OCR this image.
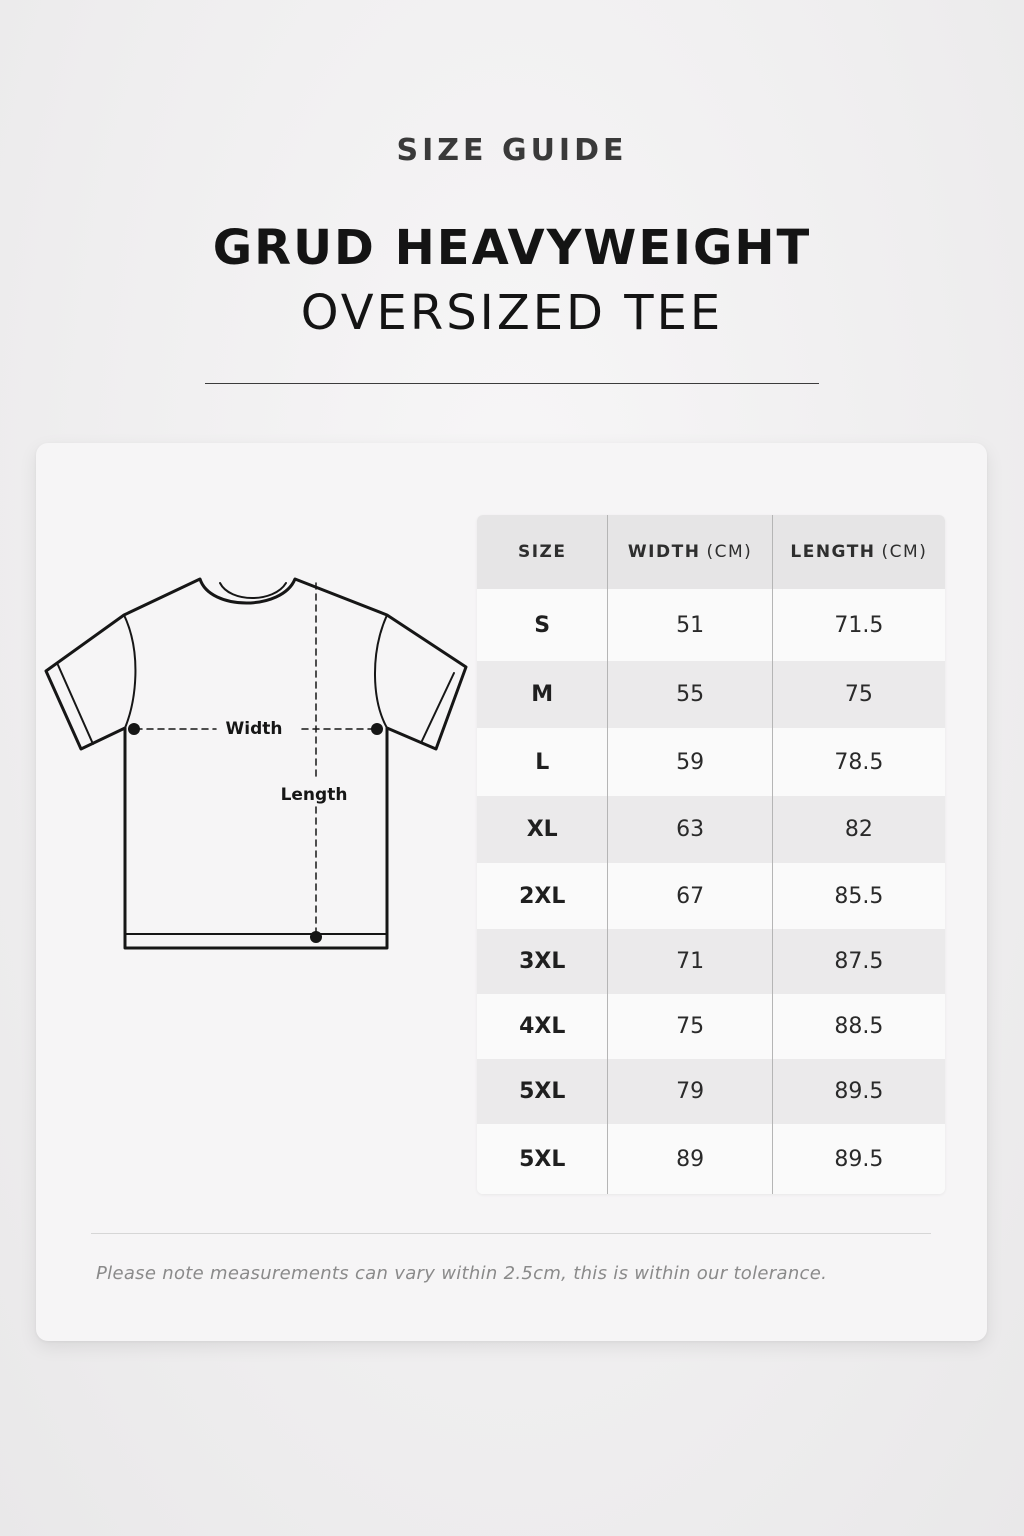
SIZE GUIDE
GRUD HEAVYWEIGHT
OVERSIZED TEE
Width
Length
SIZE	WIDTH (CM) LENGTH (CM)
S	51	71.5
M	55	75
L	59	78.5
XL	63	82
2XL	67	85.5
3XL	71	87.5
4XL	75	88.5
5XL	79	89.5
5XL	89	89.5
Please note measurements can vary within 2.5cm, this is within our tolerance.
